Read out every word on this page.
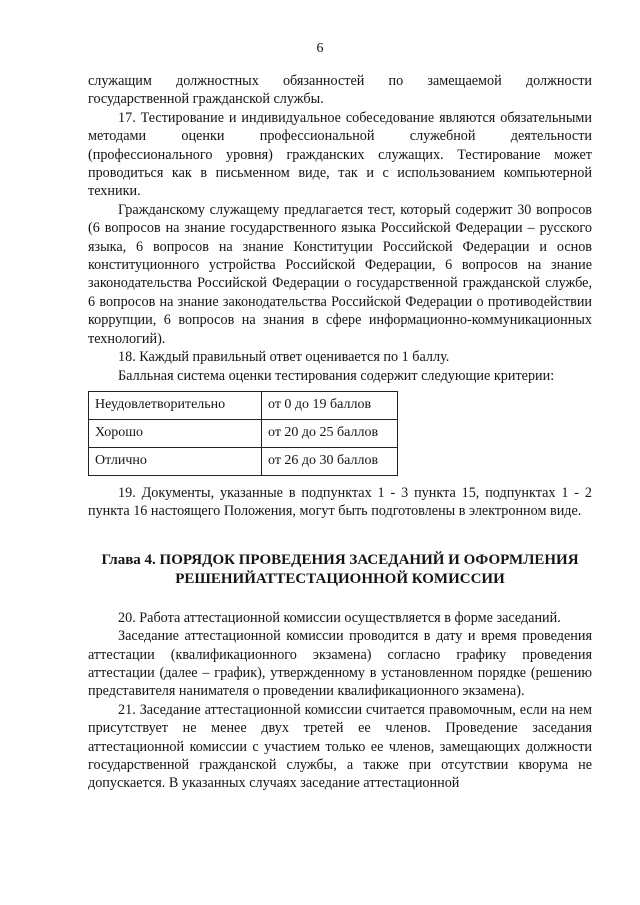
6

служащим должностных обязанностей по замещаемой должности государственной гражданской службы.

17. Тестирование и индивидуальное собеседование являются обязательными методами оценки профессиональной служебной деятельности (профессионального уровня) гражданских служащих. Тестирование может проводиться как в письменном виде, так и с использованием компьютерной техники.

Гражданскому служащему предлагается тест, который содержит 30 вопросов (6 вопросов на знание государственного языка Российской Федерации – русского языка, 6 вопросов на знание Конституции Российской Федерации и основ конституционного устройства Российской Федерации, 6 вопросов на знание законодательства Российской Федерации о государственной гражданской службе, 6 вопросов на знание законодательства Российской Федерации о противодействии коррупции, 6 вопросов на знания в сфере информационно-коммуникационных технологий).

18. Каждый правильный ответ оценивается по 1 баллу.

Балльная система оценки тестирования содержит следующие критерии:

Неудовлетворительно	от 0 до 19 баллов
Хорошо	от 20 до 25 баллов
Отлично	от 26 до 30 баллов

19. Документы, указанные в подпунктах 1 - 3 пункта 15, подпунктах 1 - 2 пункта 16 настоящего Положения, могут быть подготовлены в электронном виде.

Глава 4. ПОРЯДОК ПРОВЕДЕНИЯ ЗАСЕДАНИЙ И ОФОРМЛЕНИЯ
РЕШЕНИЙАТТЕСТАЦИОННОЙ КОМИССИИ

20. Работа аттестационной комиссии осуществляется в форме заседаний.

Заседание аттестационной комиссии проводится в дату и время проведения аттестации (квалификационного экзамена) согласно графику проведения аттестации (далее – график), утвержденному в установленном порядке (решению представителя нанимателя о проведении квалификационного экзамена).

21. Заседание аттестационной комиссии считается правомочным, если на нем присутствует не менее двух третей ее членов. Проведение заседания аттестационной комиссии с участием только ее членов, замещающих должности государственной гражданской службы, а также при отсутствии кворума не допускается. В указанных случаях заседание аттестационной
